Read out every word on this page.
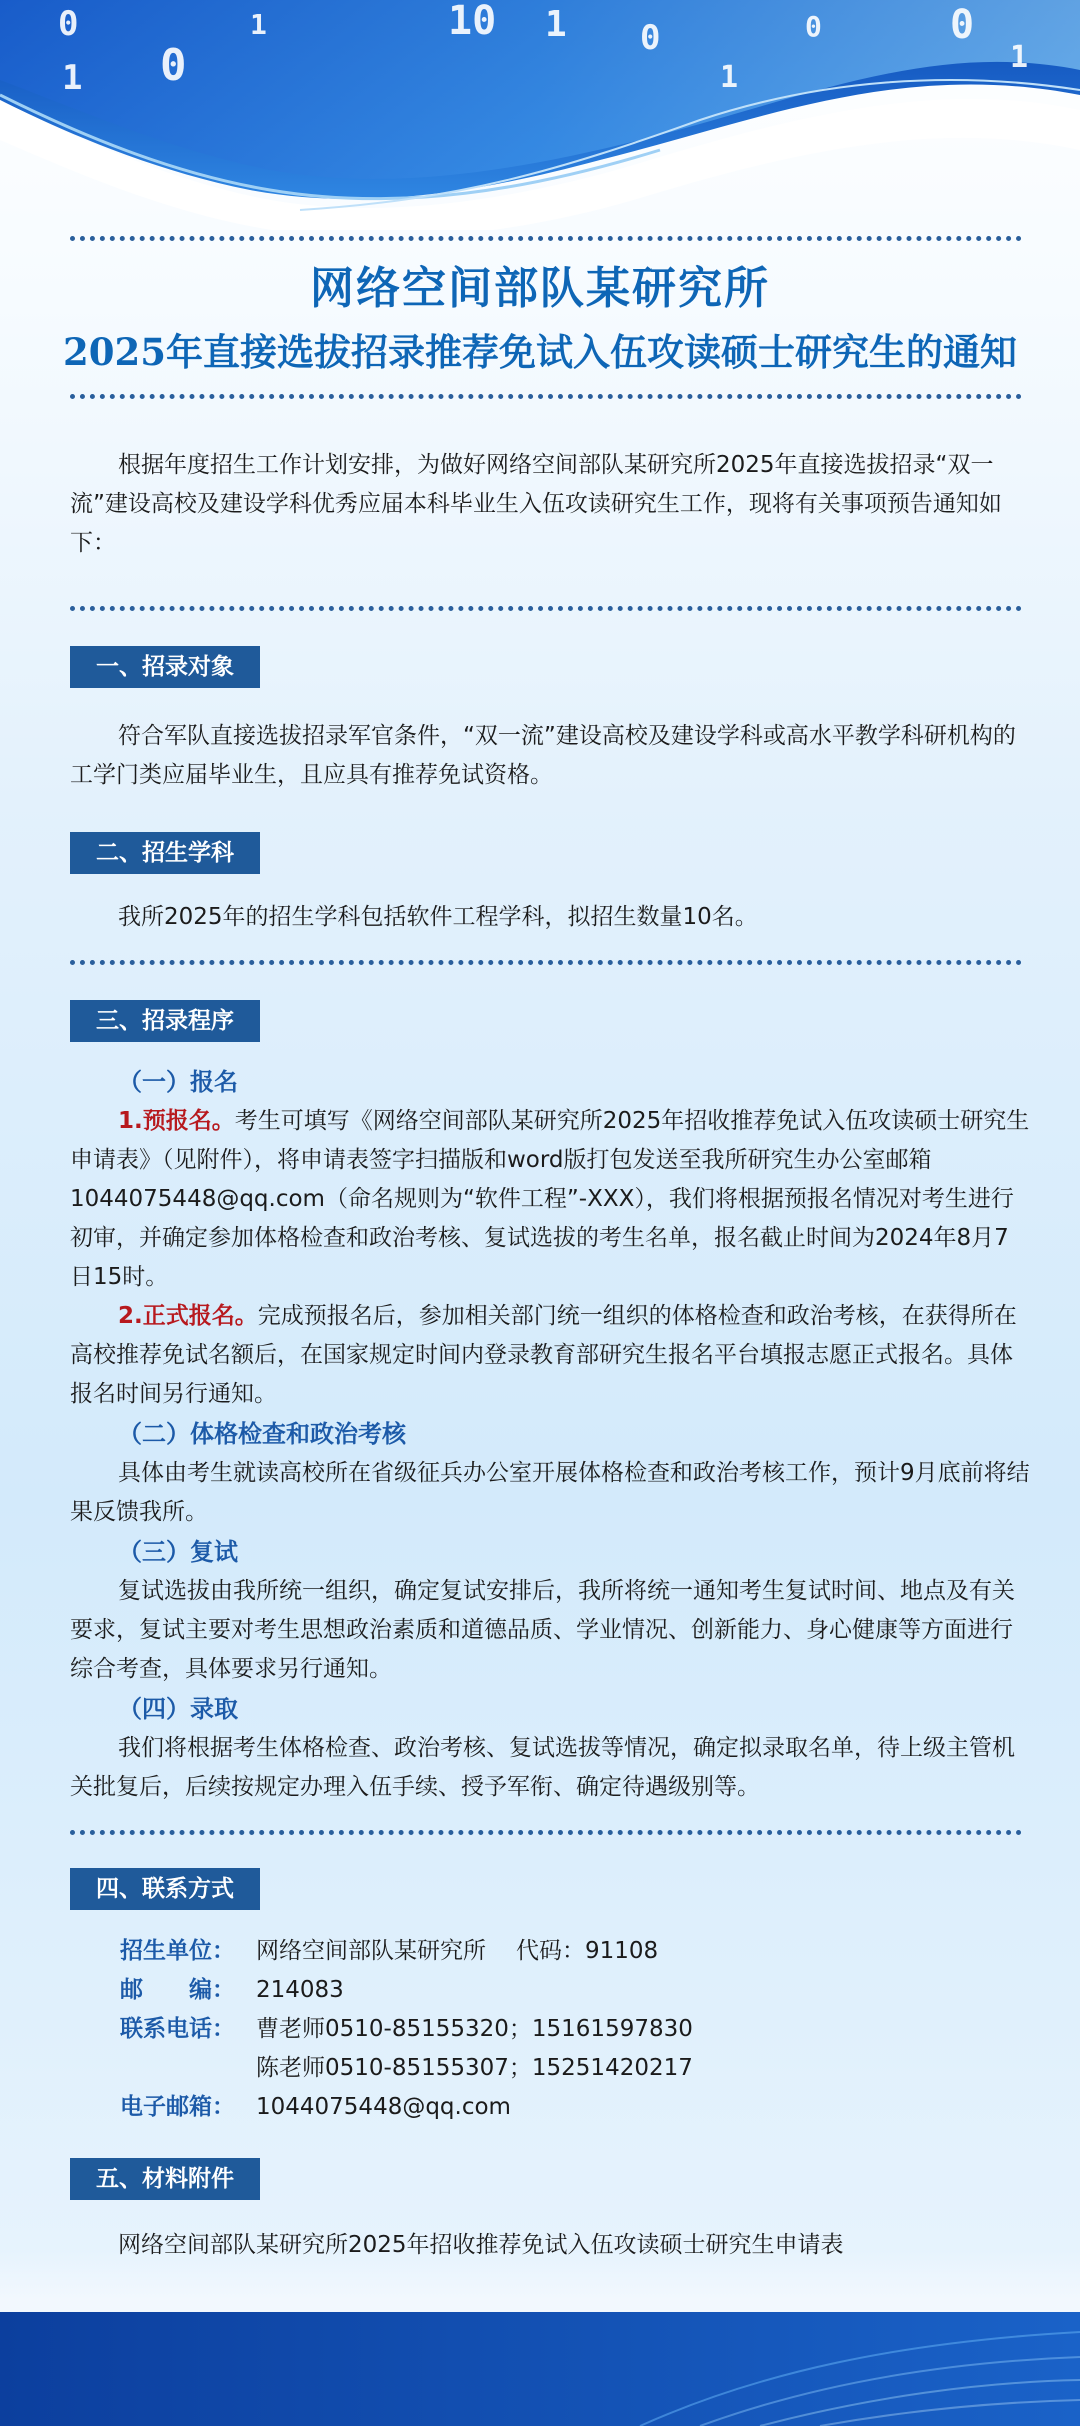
0
1 0
1	10 1 0
1
0	0
1
网络空间部队某研究所
2025年直接选拔招录推荐免试入伍攻读硕士研究生的通知

根据年度招生工作计划安排，为做好网络空间部队某研究所2025年直接选拔招录“双一流”建设高校及建设学科优秀应届本科毕业生入伍攻读研究生工作，现将有关事项预告通知如下：

一、招录对象

符合军队直接选拔招录军官条件，“双一流”建设高校及建设学科或高水平教学科研机构的工学门类应届毕业生，且应具有推荐免试资格。

二、招生学科

我所2025年的招生学科包括软件工程学科，拟招生数量10名。

三、招录程序
（一）报名

1.预报名。考生可填写《网络空间部队某研究所2025年招收推荐免试入伍攻读硕士研究生申请表》（见附件），将申请表签字扫描版和word版打包发送至我所研究生办公室邮箱1044075448@qq.com（命名规则为“软件工程”-XXX），我们将根据预报名情况对考生进行初审，并确定参加体格检查和政治考核、复试选拔的考生名单，报名截止时间为2024年8月7日15时。

2.正式报名。完成预报名后，参加相关部门统一组织的体格检查和政治考核，在获得所在高校推荐免试名额后，在国家规定时间内登录教育部研究生报名平台填报志愿正式报名。具体报名时间另行通知。

（二）体格检查和政治考核

具体由考生就读高校所在省级征兵办公室开展体格检查和政治考核工作，预计9月底前将结果反馈我所。

（三）复试

复试选拔由我所统一组织，确定复试安排后，我所将统一通知考生复试时间、地点及有关要求，复试主要对考生思想政治素质和道德品质、学业情况、创新能力、身心健康等方面进行综合考查，具体要求另行通知。

（四）录取

我们将根据考生体格检查、政治考核、复试选拔等情况，确定拟录取名单，待上级主管机关批复后，后续按规定办理入伍手续、授予军衔、确定待遇级别等。

四、联系方式
招生单位： 网络空间部队某研究所 代码：91108
邮　　编： 214083
联系电话： 曹老师0510-85155320；15161597830
陈老师0510-85155307；15251420217
电子邮箱： 1044075448@qq.com
五、材料附件

网络空间部队某研究所2025年招收推荐免试入伍攻读硕士研究生申请表
